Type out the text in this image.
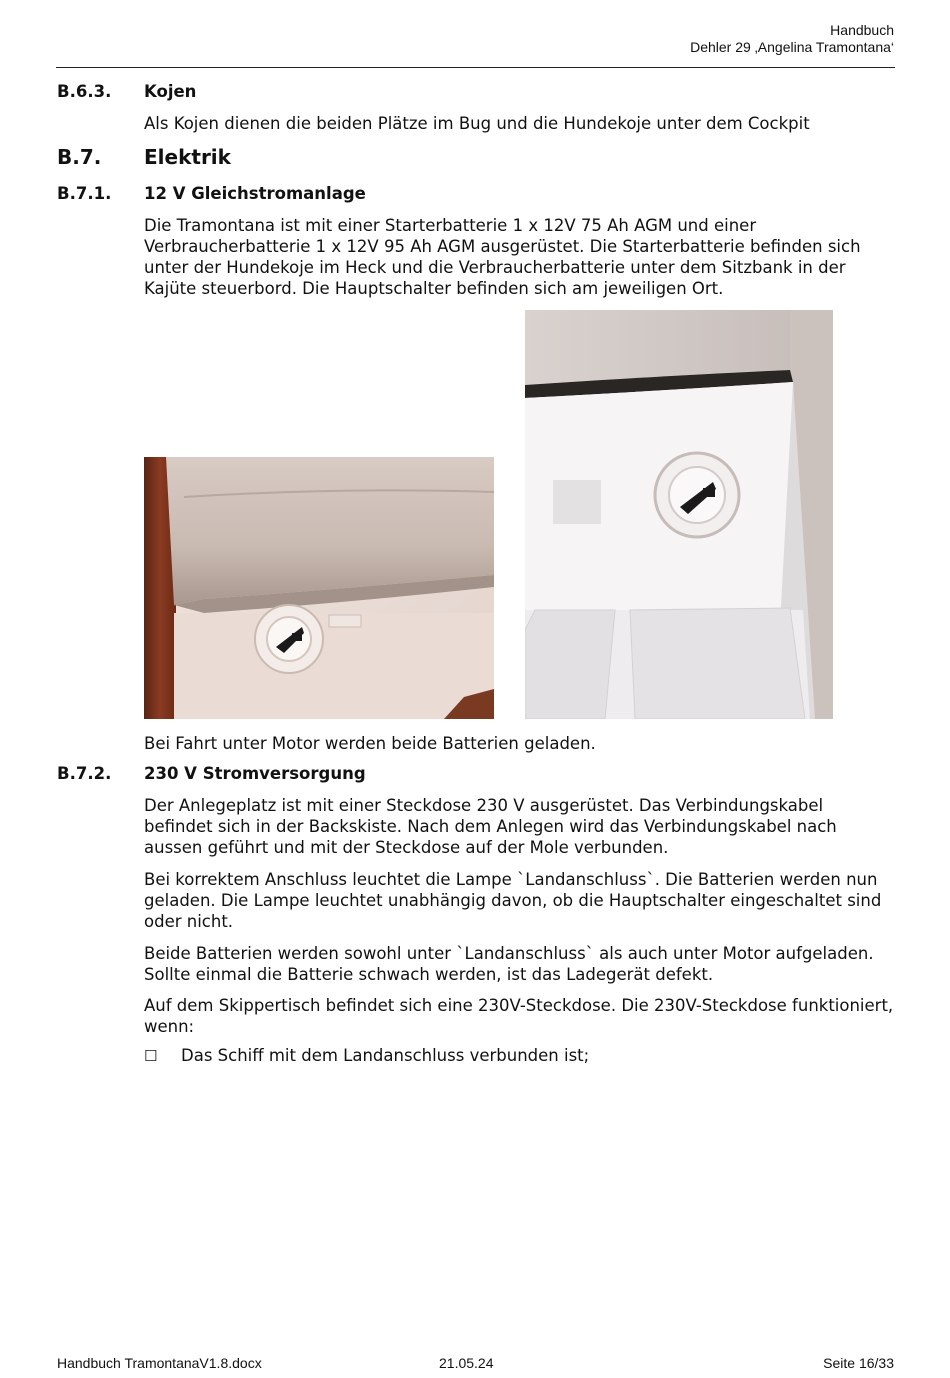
Handbuch
Dehler 29 ‚Angelina Tramontana‘
B.6.3. Kojen
Als Kojen dienen die beiden Plätze im Bug und die Hundekoje unter dem Cockpit
B.7. Elektrik
B.7.1. 12 V Gleichstromanlage
Die Tramontana ist mit einer Starterbatterie 1 x 12V 75 Ah AGM und einer Verbraucherbatterie 1 x 12V 95 Ah AGM ausgerüstet. Die Starterbatterie befinden sich unter der Hundekoje im Heck und die Verbraucherbatterie unter dem Sitzbank in der Kajüte steuerbord. Die Hauptschalter befinden sich am jeweiligen Ort.
Bei Fahrt unter Motor werden beide Batterien geladen.
B.7.2. 230 V Stromversorgung
Der Anlegeplatz ist mit einer Steckdose 230 V ausgerüstet. Das Verbindungskabel befindet sich in der Backskiste. Nach dem Anlegen wird das Verbindungskabel nach aussen geführt und mit der Steckdose auf der Mole verbunden.
Bei korrektem Anschluss leuchtet die Lampe `Landanschluss`. Die Batterien werden nun geladen. Die Lampe leuchtet unabhängig davon, ob die Hauptschalter eingeschaltet sind oder nicht.
Beide Batterien werden sowohl unter `Landanschluss` als auch unter Motor aufgeladen. Sollte einmal die Batterie schwach werden, ist das Ladegerät defekt.
Auf dem Skippertisch befindet sich eine 230V-Steckdose. Die 230V-Steckdose funktioniert, wenn:
☐ Das Schiff mit dem Landanschluss verbunden ist;
Handbuch TramontanaV1.8.docx	21.05.24	Seite 16/33
